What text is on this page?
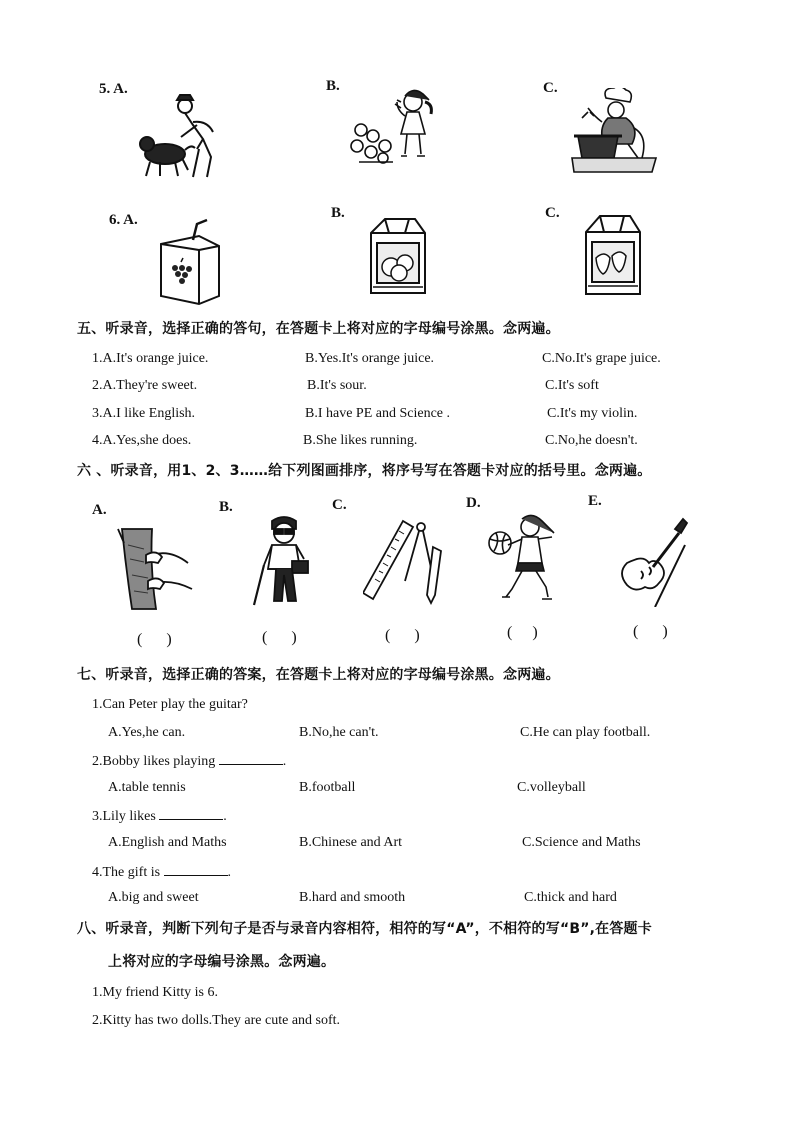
5. A.	B.	C.
6. A.	B.	C.
五、听录音，选择正确的答句，在答题卡上将对应的字母编号涂黑。念两遍。
1.A.It's orange juice.	B.Yes.It's orange juice.	C.No.It's grape juice.
2.A.They're sweet.	B.It's sour.	C.It's soft
3.A.I like English.	B.I have PE and Science .	C.It's my violin.
4.A.Yes,she does.	B.She likes running.	C.No,he doesn't.
六 、听录音，用1、2、3……给下列图画排序，将序号写在答题卡对应的括号里。念两遍。
A.	B.	C.	D.	E.
(      )	(      )	(      )	(     )	(      )
七、听录音，选择正确的答案，在答题卡上将对应的字母编号涂黑。念两遍。
1.Can Peter play the guitar?
A.Yes,he can.	B.No,he can't.	C.He can play football.
2.Bobby likes playing	.
A.table tennis	B.football	C.volleyball
3.Lily likes	.
A.English and Maths	B.Chinese and Art	C.Science and Maths
4.The gift is	.
A.big and sweet	B.hard and smooth	C.thick and hard
八、听录音，判断下列句子是否与录音内容相符，相符的写“A”，不相符的写“B”,在答题卡
上将对应的字母编号涂黑。念两遍。
1.My friend Kitty is 6.
2.Kitty has two dolls.They are cute and soft.
